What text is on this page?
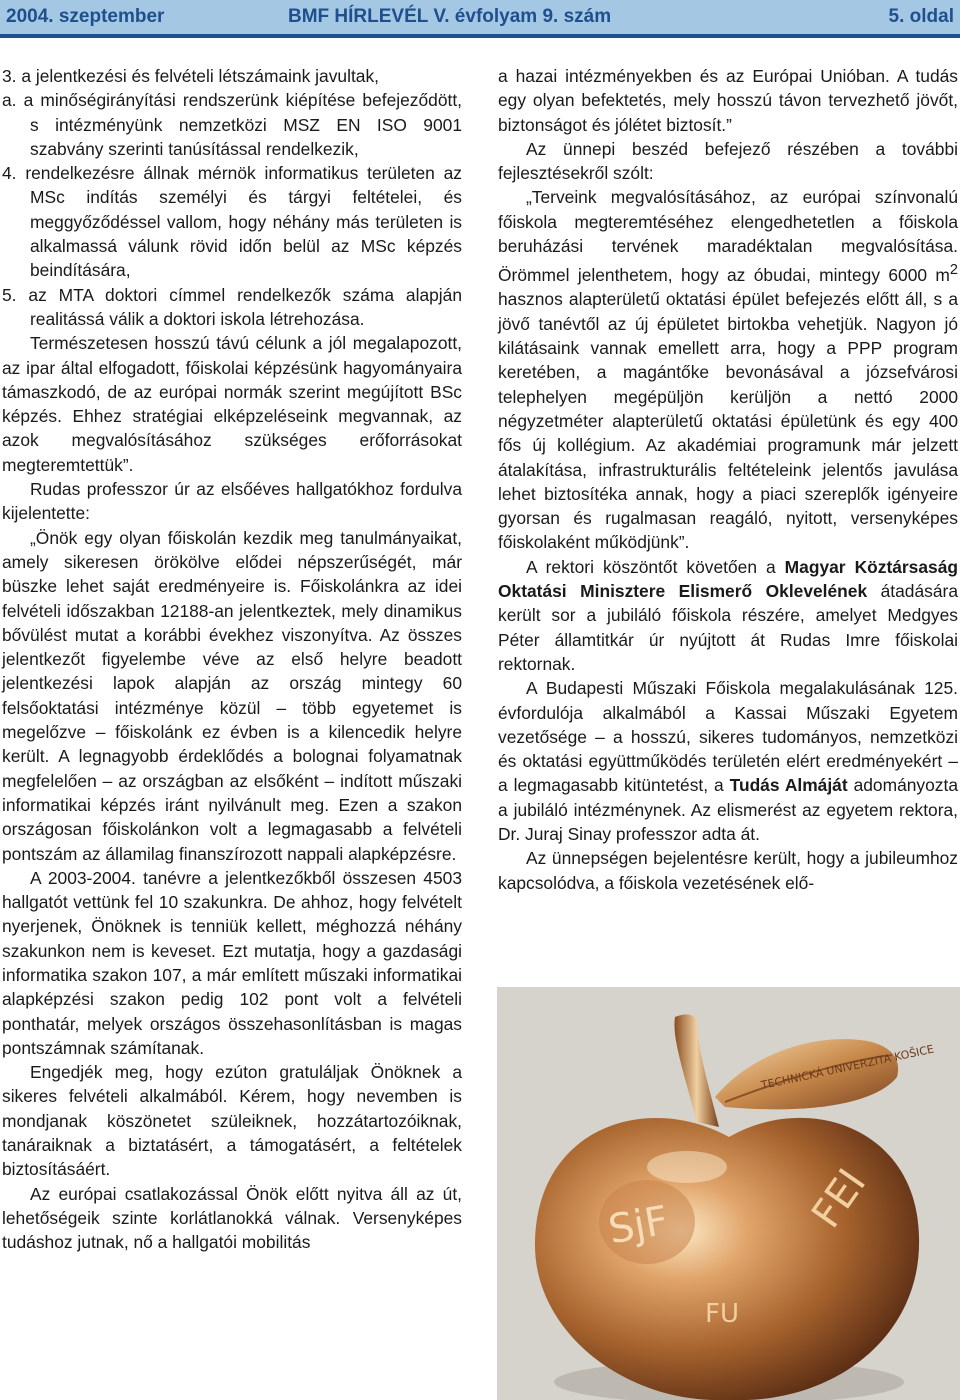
2004. szeptember	BMF HÍRLEVÉL V. évfolyam 9. szám	5. oldal

3. a jelentkezési és felvételi létszámaink javultak,

a. a minőségirányítási rendszerünk kiépítése befejeződött, s intézményünk nemzetközi MSZ EN ISO 9001 szabvány szerinti tanúsítással rendelkezik,

4. rendelkezésre állnak mérnök informatikus területen az MSc indítás személyi és tárgyi feltételei, és meggyőződéssel vallom, hogy néhány más területen is alkalmassá válunk rövid időn belül az MSc képzés beindítására,

5. az MTA doktori címmel rendelkezők száma alapján realitássá válik a doktori iskola létrehozása.

Természetesen hosszú távú célunk a jól megalapozott, az ipar által elfogadott, főiskolai képzésünk hagyományaira támaszkodó, de az európai normák szerint megújított BSc képzés. Ehhez stratégiai elképzeléseink megvannak, az azok megvalósításához szükséges erőforrásokat megteremtettük”.

Rudas professzor úr az elsőéves hallgatókhoz fordulva kijelentette:

„Önök egy olyan főiskolán kezdik meg tanulmányaikat, amely sikeresen örökölve elődei népszerűségét, már büszke lehet saját eredményeire is. Főiskolánkra az idei felvételi időszakban 12188-an jelentkeztek, mely dinamikus bővülést mutat a korábbi évekhez viszonyítva. Az összes jelentkezőt figyelembe véve az első helyre beadott jelentkezési lapok alapján az ország mintegy 60 felsőoktatási intézménye közül – több egyetemet is megelőzve – főiskolánk ez évben is a kilencedik helyre került. A legnagyobb érdeklődés a bolognai folyamatnak megfelelően – az országban az elsőként – indított műszaki informatikai képzés iránt nyilvánult meg. Ezen a szakon országosan főiskolánkon volt a legmagasabb a felvételi pontszám az államilag finanszírozott nappali alapképzésre.

A 2003-2004. tanévre a jelentkezőkből összesen 4503 hallgatót vettünk fel 10 szakunkra. De ahhoz, hogy felvételt nyerjenek, Önöknek is tenniük kellett, méghozzá néhány szakunkon nem is keveset. Ezt mutatja, hogy a gazdasági informatika szakon 107, a már említett műszaki informatikai alapképzési szakon pedig 102 pont volt a felvételi ponthatár, melyek országos összehasonlításban is magas pontszámnak számítanak.

Engedjék meg, hogy ezúton gratuláljak Önöknek a sikeres felvételi alkalmából. Kérem, hogy nevemben is mondjanak köszönetet szüleiknek, hozzátartozóiknak, tanáraiknak a biztatásért, a támogatásért, a feltételek biztosításáért.

Az európai csatlakozással Önök előtt nyitva áll az út, lehetőségeik szinte korlátlanokká válnak. Versenyképes tudáshoz jutnak, nő a hallgatói mobilitás

a hazai intézményekben és az Európai Unióban. A tudás egy olyan befektetés, mely hosszú távon tervezhető jövőt, biztonságot és jólétet biztosít.”

Az ünnepi beszéd befejező részében a további fejlesztésekről szólt:

„Terveink megvalósításához, az európai színvonalú főiskola megteremtéséhez elengedhetetlen a főiskola beruházási tervének maradéktalan megvalósítása. Örömmel jelenthetem, hogy az óbudai, mintegy 6000 $m^2$ hasznos alapterületű oktatási épület befejezés előtt áll, s a jövő tanévtől az új épületet birtokba vehetjük. Nagyon jó kilátásaink vannak emellett arra, hogy a PPP program keretében, a magántőke bevonásával a józsefvárosi telephelyen megépüljön kerüljön a nettó 2000 négyzetméter alapterületű oktatási épületünk és egy 400 fős új kollégium. Az akadémiai programunk már jelzett átalakítása, infrastrukturális feltételeink jelentős javulása lehet biztosítéka annak, hogy a piaci szereplők igényeire gyorsan és rugalmasan reagáló, nyitott, versenyképes főiskolaként működjünk”.

A rektori köszöntőt követően a Magyar Köztársaság Oktatási Minisztere Elismerő Oklevelének átadására került sor a jubiláló főiskola részére, amelyet Medgyes Péter államtitkár úr nyújtott át Rudas Imre főiskolai rektornak.

A Budapesti Műszaki Főiskola megalakulásának 125. évfordulója alkalmából a Kassai Műszaki Egyetem vezetősége – a hosszú, sikeres tudományos, nemzetközi és oktatási együttműködés területén elért eredményekért – a legmagasabb kitüntetést, a Tudás Almáját adományozta a jubiláló intézménynek. Az elismerést az egyetem rektora, Dr. Juraj Sinay professzor adta át.

Az ünnepségen bejelentésre került, hogy a jubileumhoz kapcsolódva, a főiskola vezetésének elő-

TECHNICKÁ UNIVERZITA KOŠICE
SjF	FEI
FU
